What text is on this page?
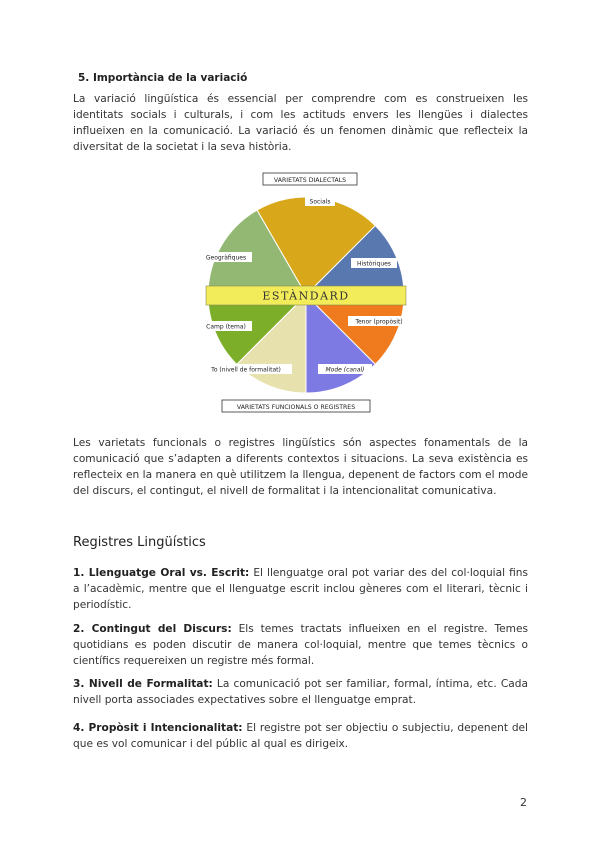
5. Importància de la variació
La variació lingüística és essencial per comprendre com es construeixen les identitats socials i culturals, i com les actituds envers les llengües i dialectes influeixen en la comunicació. La variació és un fenomen dinàmic que reflecteix la diversitat de la societat i la seva història.
VARIETATS DIALECTALS
ESTÀNDARD
Socials
Històriques
Geogràfiques
Tenor (propòsit)
Camp (tema)
To (nivell de formalitat)	Mode (canal)
VARIETATS FUNCIONALS O REGISTRES
Les varietats funcionals o registres lingüístics són aspectes fonamentals de la comunicació que s’adapten a diferents contextos i situacions. La seva existència es reflecteix en la manera en què utilitzem la llengua, depenent de factors com el mode del discurs, el contingut, el nivell de formalitat i la intencionalitat comunicativa.
Registres Lingüístics
1. Llenguatge Oral vs. Escrit: El llenguatge oral pot variar des del col·loquial fins a l’acadèmic, mentre que el llenguatge escrit inclou gèneres com el literari, tècnic i periodístic.
2. Contingut del Discurs: Els temes tractats influeixen en el registre. Temes quotidians es poden discutir de manera col·loquial, mentre que temes tècnics o científics requereixen un registre més formal.
3. Nivell de Formalitat: La comunicació pot ser familiar, formal, íntima, etc. Cada nivell porta associades expectatives sobre el llenguatge emprat.
4. Propòsit i Intencionalitat: El registre pot ser objectiu o subjectiu, depenent del que es vol comunicar i del públic al qual es dirigeix.
2
